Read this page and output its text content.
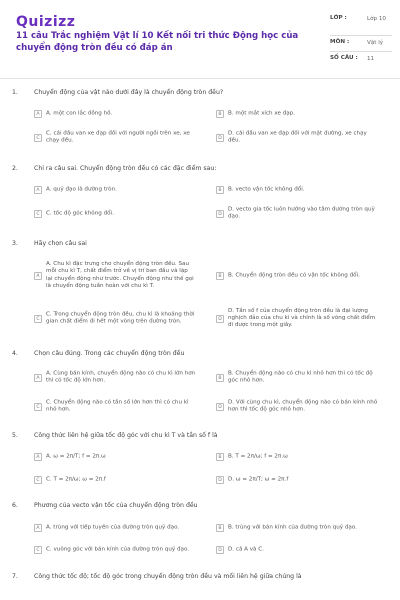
Quizizz
11 câu Trắc nghiệm Vật lí 10 Kết nối tri thức Động học của chuyển động tròn đều có đáp án
LỚP :	Lớp 10
MÔN :	Vật lý
SỐ CÂU : 11
1.	Chuyển động của vật nào dưới đây là chuyển động tròn đều?
A	A. một con lắc đồng hồ.	B	B. một mắt xích xe đạp.
C
C. cái đầu van xe đạp đối với người ngồi trên xe, xe chạy đều.	D
D. cái đầu van xe đạp đối với mặt đường, xe chạy đều.
2.	Chỉ ra câu sai. Chuyển động tròn đều có các đặc điểm sau:
A	A. quỹ đạo là đường tròn.	B	B. vecto vận tốc không đổi.
C	C. tốc độ góc không đổi.	D
D. vecto gia tốc luôn hướng vào tâm đường tròn quỹ đạo.
3.	Hãy chọn câu sai
A
A. Chu kì đặc trưng cho chuyển động tròn đều. Sau mỗi chu kì T, chất điểm trở về vị trí ban đầu và lặp lại chuyển động như trước. Chuyển động như thế gọi là chuyển động tuần hoàn với chu kì T.
B	B. Chuyển động tròn đều có vận tốc không đổi.
C
C. Trong chuyển động tròn đều, chu kì là khoảng thời gian chất điểm đi hết một vòng trên đường tròn.	D
D. Tần số f của chuyển động tròn đều là đại lượng nghịch đảo của chu kì và chính là số vòng chất điểm đi được trong một giây.
4.	Chọn câu đúng. Trong các chuyển động tròn đều
A
A. Cùng bán kính, chuyển động nào có chu kì lớn hơn thì có tốc độ lớn hơn.	B
B. Chuyển động nào có chu kì nhỏ hơn thì có tốc độ góc nhỏ hơn.
C
C. Chuyển động nào có tần số lớn hơn thì có chu kì nhỏ hơn.	D
D. Với cùng chu kì, chuyển động nào có bán kính nhỏ hơn thì tốc độ góc nhỏ hơn.
5.	Công thức liên hệ giữa tốc độ góc với chu kì T và tần số f là
A	A. ω = 2π/T; f = 2π.ω	B	B. T = 2π/ω; f = 2π.ω
C	C. T = 2π/ω; ω = 2π.f	D	D. ω = 2π/T; ω = 2π.f
6.	Phương của vecto vận tốc của chuyển động tròn đều
A	A. trùng với tiếp tuyến của đường tròn quỹ đạo.	B	B. trùng với bán kính của đường tròn quỹ đạo.
C	C. vuông góc với bán kính của đường tròn quỹ đạo.	D	D. cả A và C.
7.	Công thức tốc độ; tốc độ góc trong chuyển động tròn đều và mối liên hệ giữa chúng là
